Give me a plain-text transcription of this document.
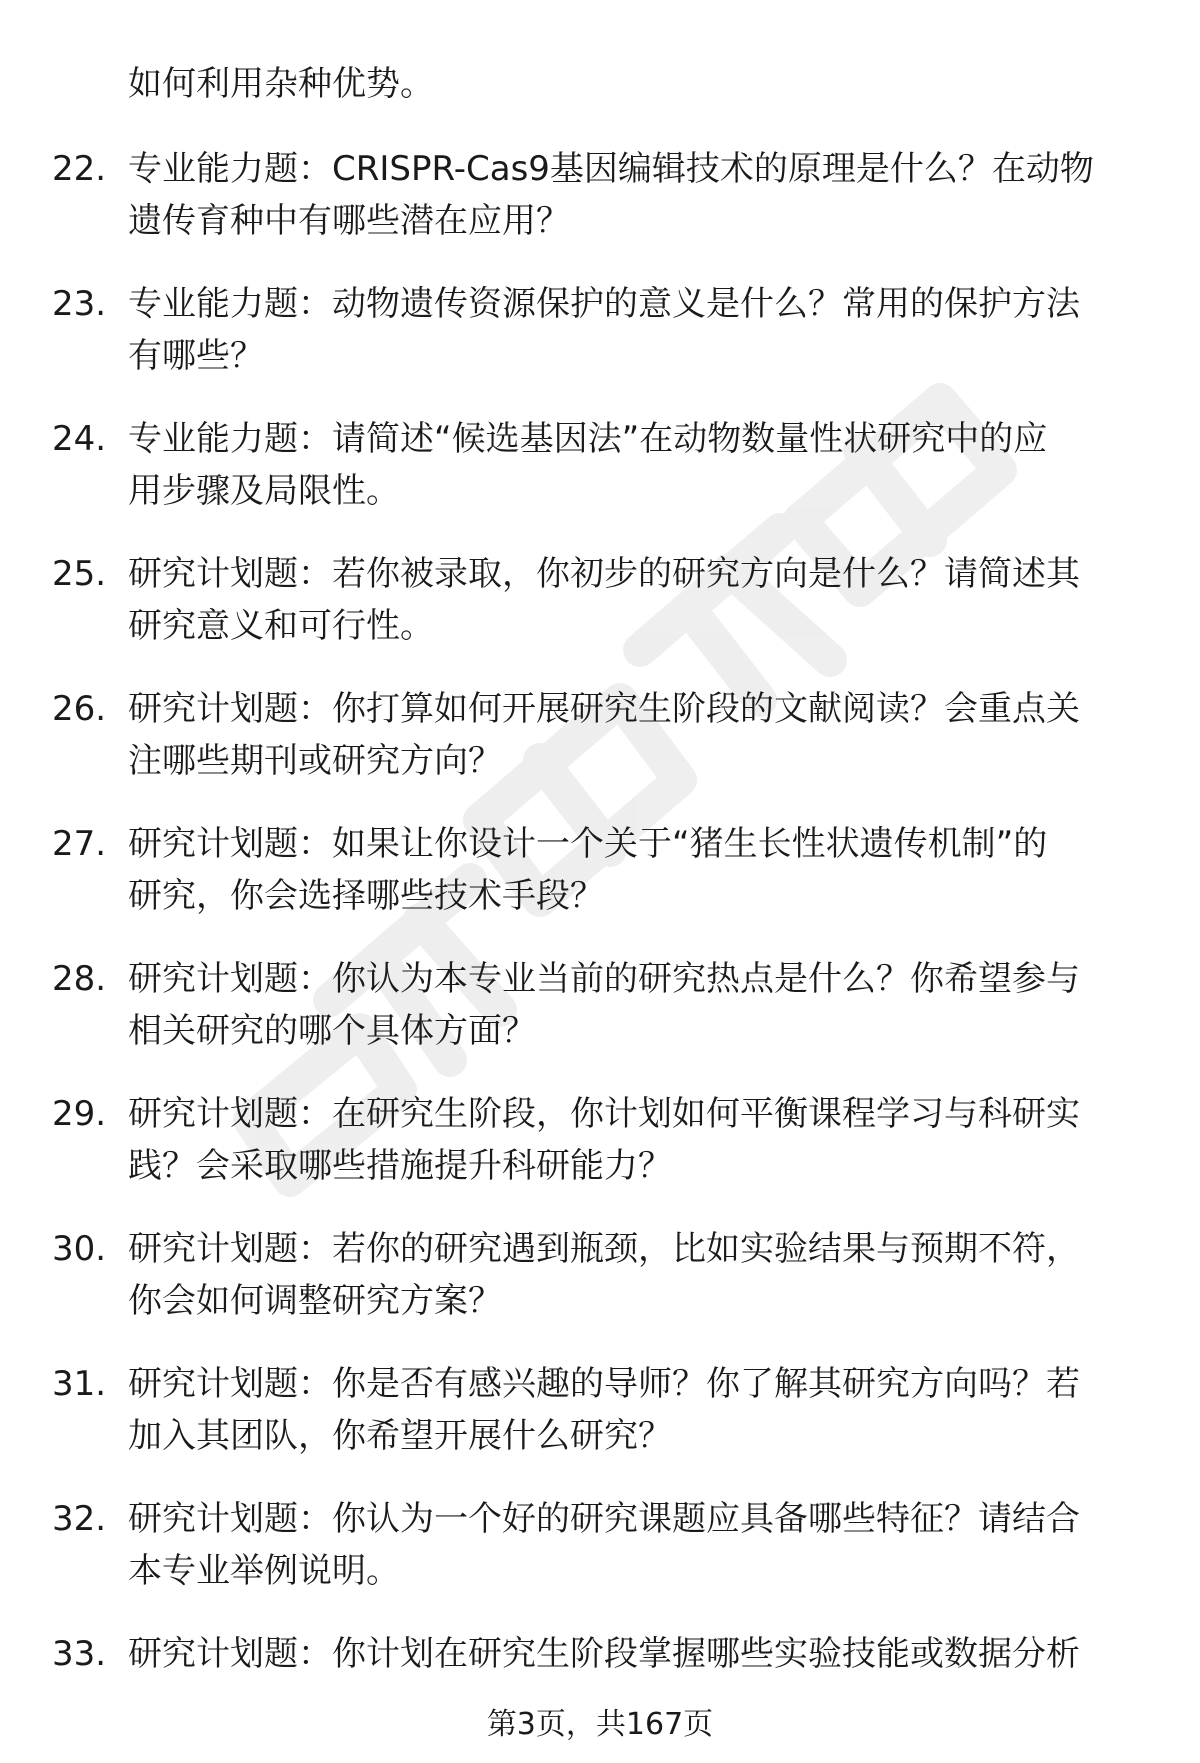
如何利用杂种优势。
22. 专业能力题：CRISPR-Cas9基因编辑技术的原理是什么？在动物
遗传育种中有哪些潜在应用？
23. 专业能力题：动物遗传资源保护的意义是什么？常用的保护方法
有哪些？
24. 专业能力题：请简述“候选基因法”在动物数量性状研究中的应
用步骤及局限性。
25. 研究计划题：若你被录取，你初步的研究方向是什么？请简述其
研究意义和可行性。
26. 研究计划题：你打算如何开展研究生阶段的文献阅读？会重点关
注哪些期刊或研究方向？
27. 研究计划题：如果让你设计一个关于“猪生长性状遗传机制”的
研究，你会选择哪些技术手段？
28. 研究计划题：你认为本专业当前的研究热点是什么？你希望参与
相关研究的哪个具体方面？
29. 研究计划题：在研究生阶段，你计划如何平衡课程学习与科研实
践？会采取哪些措施提升科研能力？
30. 研究计划题：若你的研究遇到瓶颈，比如实验结果与预期不符，
你会如何调整研究方案？
31. 研究计划题：你是否有感兴趣的导师？你了解其研究方向吗？若
加入其团队，你希望开展什么研究？
32. 研究计划题：你认为一个好的研究课题应具备哪些特征？请结合
本专业举例说明。
33. 研究计划题：你计划在研究生阶段掌握哪些实验技能或数据分析
第3页，共167页
